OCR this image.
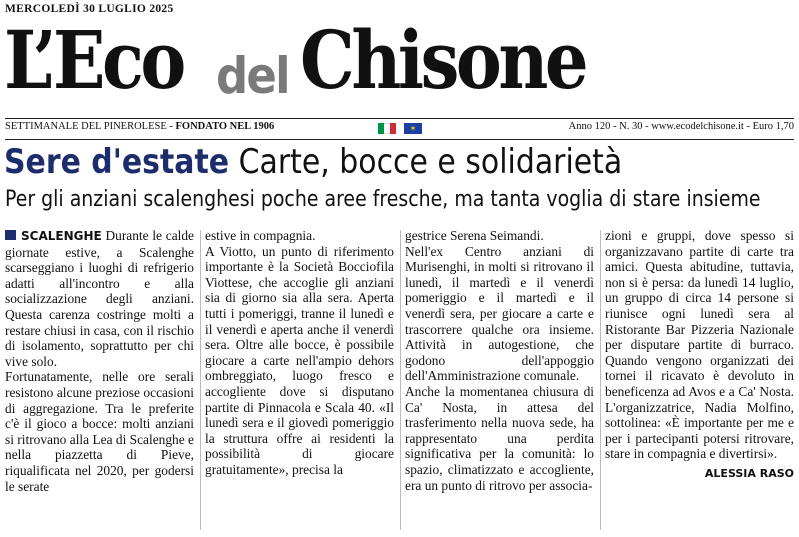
MERCOLEDÌ 30 LUGLIO 2025
L’Eco del Chisone
SETTIMANALE DEL PINEROLESE - FONDATO NEL 1906	✶	Anno 120 - N. 30 - www.ecodelchisone.it - Euro 1,70
Sere d'estate Carte, bocce e solidarietà
Per gli anziani scalenghesi poche aree fresche, ma tanta voglia di stare insieme

SCALENGHE Durante le calde giornate estive, a Scalenghe scarseggiano i luoghi di refrigerio adatti all'incontro e alla socializzazione degli anziani. Questa carenza costringe molti a restare chiusi in casa, con il rischio di isolamento, soprattutto per chi vive solo.

Fortunatamente, nelle ore serali resistono alcune preziose occasioni di aggregazione. Tra le preferite c'è il gioco a bocce: molti anziani si ritrovano alla Lea di Scalenghe e nella piazzetta di Pieve, riqualificata nel 2020, per godersi le serate

estive in compagnia.

A Viotto, un punto di riferimento importante è la Società Bocciofila Viottese, che accoglie gli anziani sia di giorno sia alla sera. Aperta tutti i pomeriggi, tranne il lunedì e il venerdì e aperta anche il venerdì sera. Oltre alle bocce, è possibile giocare a carte nell'ampio dehors ombreggiato, luogo fresco e accogliente dove si disputano partite di Pinnacola e Scala 40. «Il lunedì sera e il giovedì pomeriggio la struttura offre ai residenti la possibilità di giocare gratuitamente», precisa la

gestrice Serena Seimandi.

Nell'ex Centro anziani di Murisenghi, in molti si ritrovano il lunedì, il martedì e il venerdì pomeriggio e il martedì e il venerdì sera, per giocare a carte e trascorrere qualche ora insieme. Attività in autogestione, che godono dell'appoggio dell'Amministrazione comunale.

Anche la momentanea chiusura di Ca' Nosta, in attesa del trasferimento nella nuova sede, ha rappresentato una perdita significativa per la comunità: lo spazio, climatizzato e accogliente, era un punto di ritrovo per associa-

zioni e gruppi, dove spesso si organizzavano partite di carte tra amici. Questa abitudine, tuttavia, non si è persa: da lunedì 14 luglio, un gruppo di circa 14 persone si riunisce ogni lunedì sera al Ristorante Bar Pizzeria Nazionale per disputare partite di burraco. Quando vengono organizzati dei tornei il ricavato è devoluto in beneficenza ad Avos e a Ca' Nosta. L'organizzatrice, Nadia Molfino, sottolinea: «È importante per me e per i partecipanti potersi ritrovare, stare in compagnia e divertirsi».

ALESSIA RASO
